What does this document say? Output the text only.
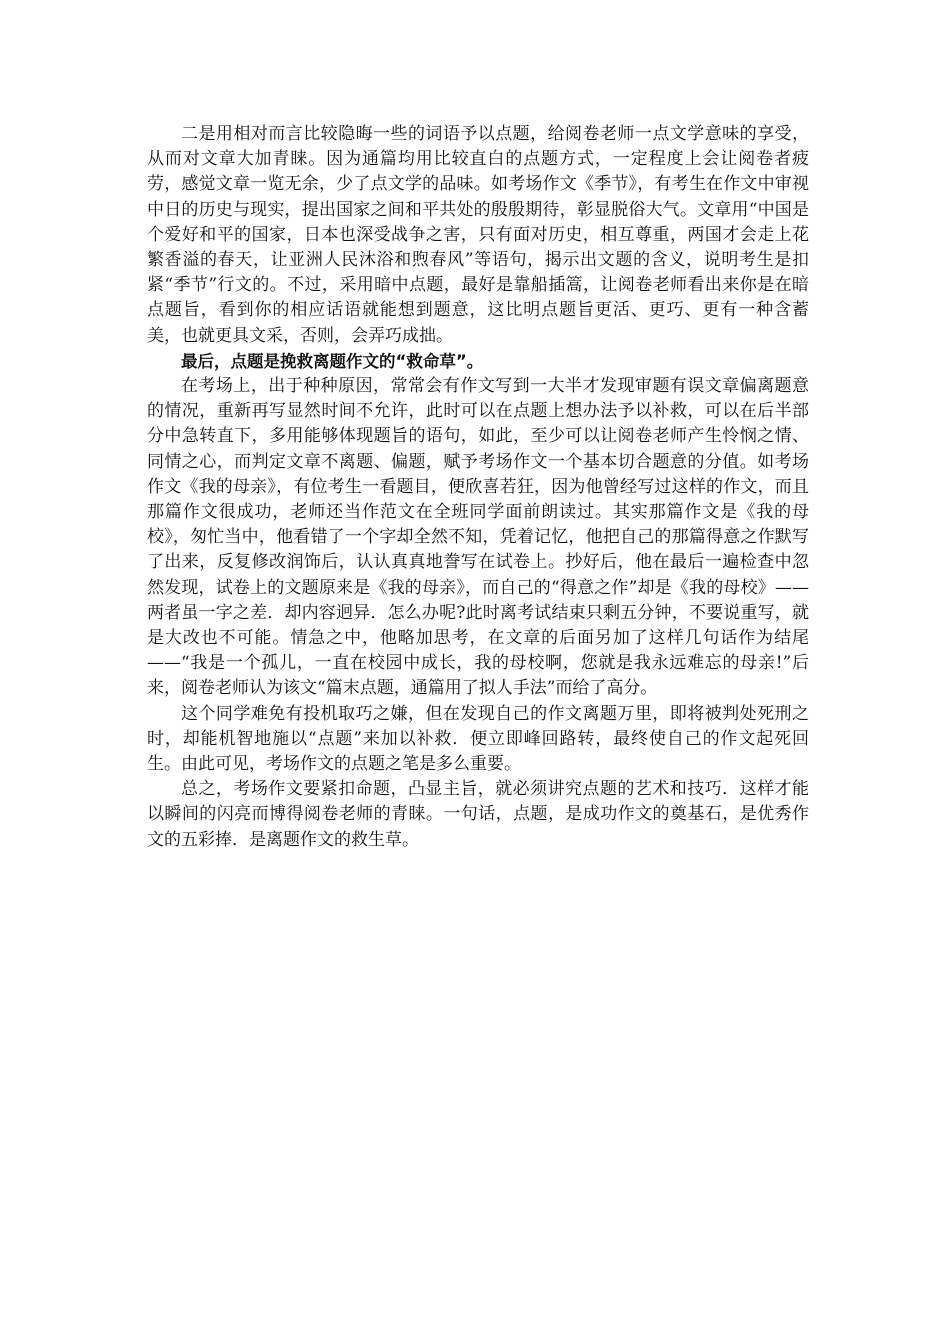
二是用相对而言比较隐晦一些的词语予以点题，给阅卷老师一点文学意味的享受，从而对文章大加青睐。因为通篇均用比较直白的点题方式，一定程度上会让阅卷者疲劳，感觉文章一览无余，少了点文学的品味。如考场作文《季节》，有考生在作文中审视中日的历史与现实，提出国家之间和平共处的殷殷期待，彰显脱俗大气。文章用“中国是个爱好和平的国家，日本也深受战争之害，只有面对历史，相互尊重，两国才会走上花繁香溢的春天，让亚洲人民沐浴和煦春风”等语句，揭示出文题的含义，说明考生是扣紧“季节”行文的。不过，采用暗中点题，最好是靠船插篙，让阅卷老师看出来你是在暗点题旨，看到你的相应话语就能想到题意，这比明点题旨更活、更巧、更有一种含蓄美，也就更具文采，否则，会弄巧成拙。

最后，点题是挽救离题作文的“救命草”。

在考场上，出于种种原因，常常会有作文写到一大半才发现审题有误文章偏离题意的情况，重新再写显然时间不允许，此时可以在点题上想办法予以补救，可以在后半部分中急转直下，多用能够体现题旨的语句，如此，至少可以让阅卷老师产生怜悯之情、同情之心，而判定文章不离题、偏题，赋予考场作文一个基本切合题意的分值。如考场作文《我的母亲》，有位考生一看题目，便欣喜若狂，因为他曾经写过这样的作文，而且那篇作文很成功，老师还当作范文在全班同学面前朗读过。其实那篇作文是《我的母校》，匆忙当中，他看错了一个字却全然不知，凭着记忆，他把自己的那篇得意之作默写了出来，反复修改润饰后，认认真真地誊写在试卷上。抄好后，他在最后一遍检查中忽然发现，试卷上的文题原来是《我的母亲》，而自己的“得意之作”却是《我的母校》——两者虽一字之差．却内容迥异．怎么办呢?此时离考试结束只剩五分钟，不要说重写，就是大改也不可能。情急之中，他略加思考，在文章的后面另加了这样几句话作为结尾——“我是一个孤儿，一直在校园中成长，我的母校啊，您就是我永远难忘的母亲!”后来，阅卷老师认为该文“篇末点题，通篇用了拟人手法”而给了高分。

这个同学难免有投机取巧之嫌，但在发现自己的作文离题万里，即将被判处死刑之时，却能机智地施以“点题”来加以补救．便立即峰回路转，最终使自己的作文起死回生。由此可见，考场作文的点题之笔是多么重要。

总之，考场作文要紧扣命题，凸显主旨，就必须讲究点题的艺术和技巧．这样才能以瞬间的闪亮而博得阅卷老师的青睐。一句话，点题，是成功作文的奠基石，是优秀作文的五彩捧．是离题作文的救生草。
